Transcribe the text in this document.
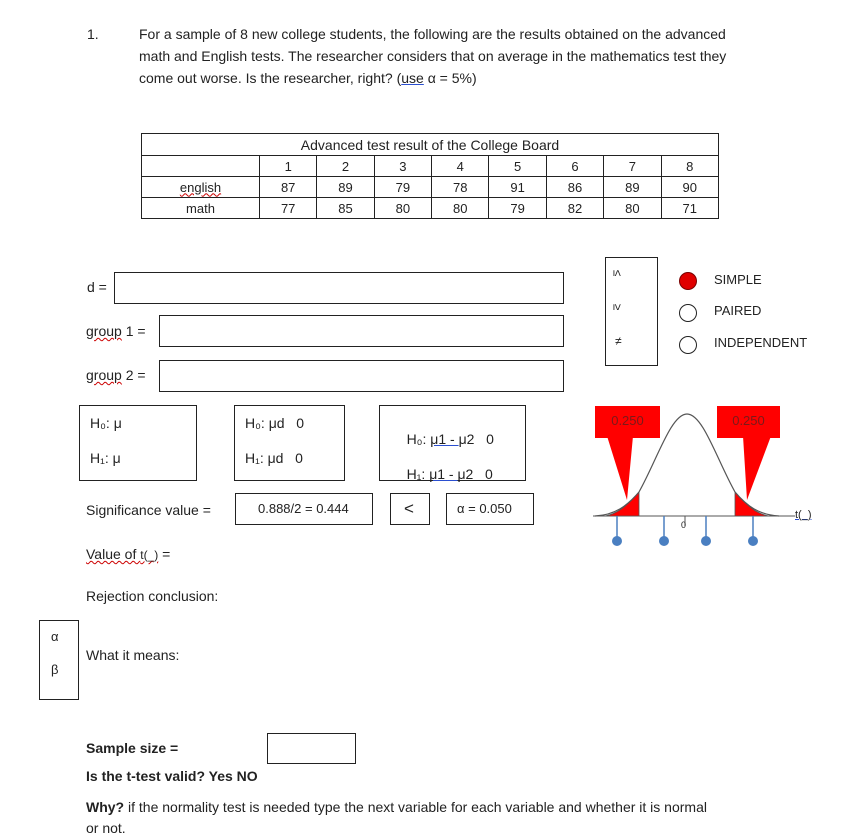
1.	For a sample of 8 new college students, the following are the results obtained on the advanced
math and English tests. The researcher considers that on average in the mathematics test they
come out worse. Is the researcher, right? (use α = 5%)
Advanced test result of the College Board								
	1	2	3	4	5	6	7	8
english	87	89	79	78	91	86	89	90
math	77	85	80	80	79	82	80	71
d =
group 1 =
group 2 =
≤
≥
≠
SIMPLE
PAIRED
INDEPENDENT
H₀: μ
H₁: μ
H₀: μd   0
H₁: μd   0

H₀: μ1 - μ2   0

H₁: μ1 - μ2   0

Significance value =	0.888/2 = 0.444	<	α = 0.050
Value of t(_) =
Rejection conclusion:
α
β
What it means:
Sample size =
Is the t-test valid? Yes NO
Why? if the normality test is needed type the next variable for each variable and whether it is normal
or not.
0
0.250	0.250
t(_)
